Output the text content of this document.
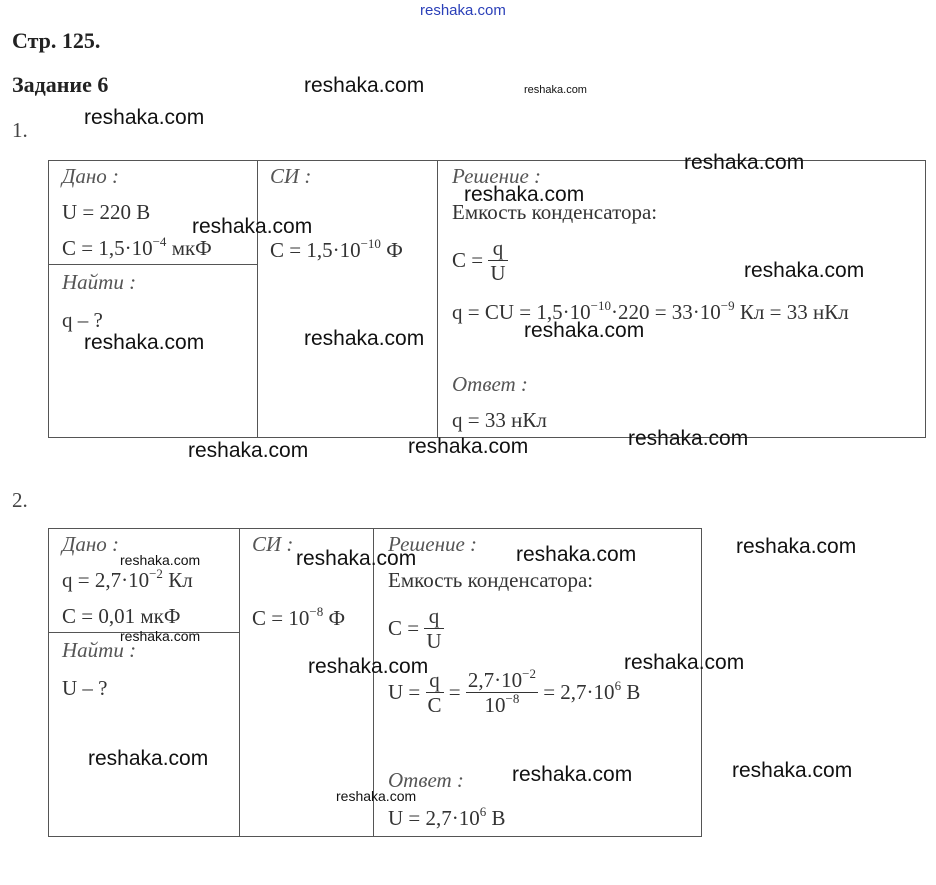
reshaka.com
Стр. 125.
Задание 6
1.
Дано :
U = 220 В
$C = 1,5\cdot 10^{-4}$ мкФ
Найти :
q – ?
СИ :
$C = 1,5\cdot 10^{-10}$ Ф
Решение :
Емкость конденсатора:
$C = \frac{q}{U}$
q = CU = $1,5\cdot 10^{-10}\cdot 220 = 33\cdot 10^{-9}$ Кл = 33 нКл
Ответ :
q = 33 нКл
2.
Дано :
$q = 2,7\cdot 10^{-2}$ Кл
C = 0,01 мкФ
Найти :
U – ?
СИ :
$C = 10^{-8}$ Ф
Решение :
Емкость конденсатора:
$C = \frac{q}{U}$
$U = \frac{q}{C} = \frac{2,7\cdot 10^{-2}}{10^{-8}} = 2,7\cdot 10^6$ В
Ответ :
$U = 2,7\cdot 10^6$ В
reshaka.com	reshaka.com
reshaka.com
reshaka.com
reshaka.com
reshaka.com
reshaka.com
reshaka.com
reshaka.com
reshaka.com
reshaka.com
reshaka.com
reshaka.com
reshaka.com
reshaka.com
reshaka.com
reshaka.com
reshaka.com
reshaka.com
reshaka.com
reshaka.com
reshaka.com
reshaka.com
reshaka.com
